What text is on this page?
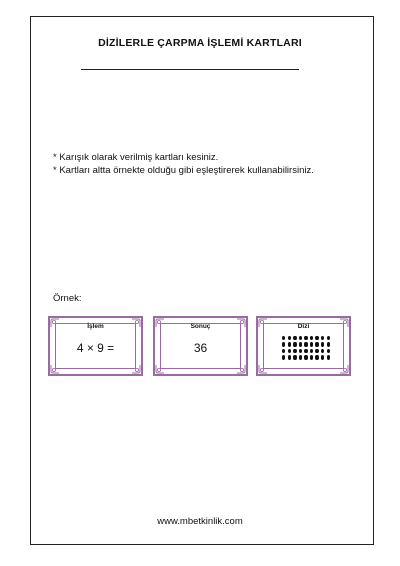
DİZİLERLE ÇARPMA İŞLEMİ KARTLARI
* Karışık olarak verilmiş kartları kesiniz.
* Kartları altta örnekte olduğu gibi eşleştirerek kullanabilirsiniz.
Örnek:
İşlem
4 × 9 =
Sonuç
36
Dizi
www.mbetkinlik.com
